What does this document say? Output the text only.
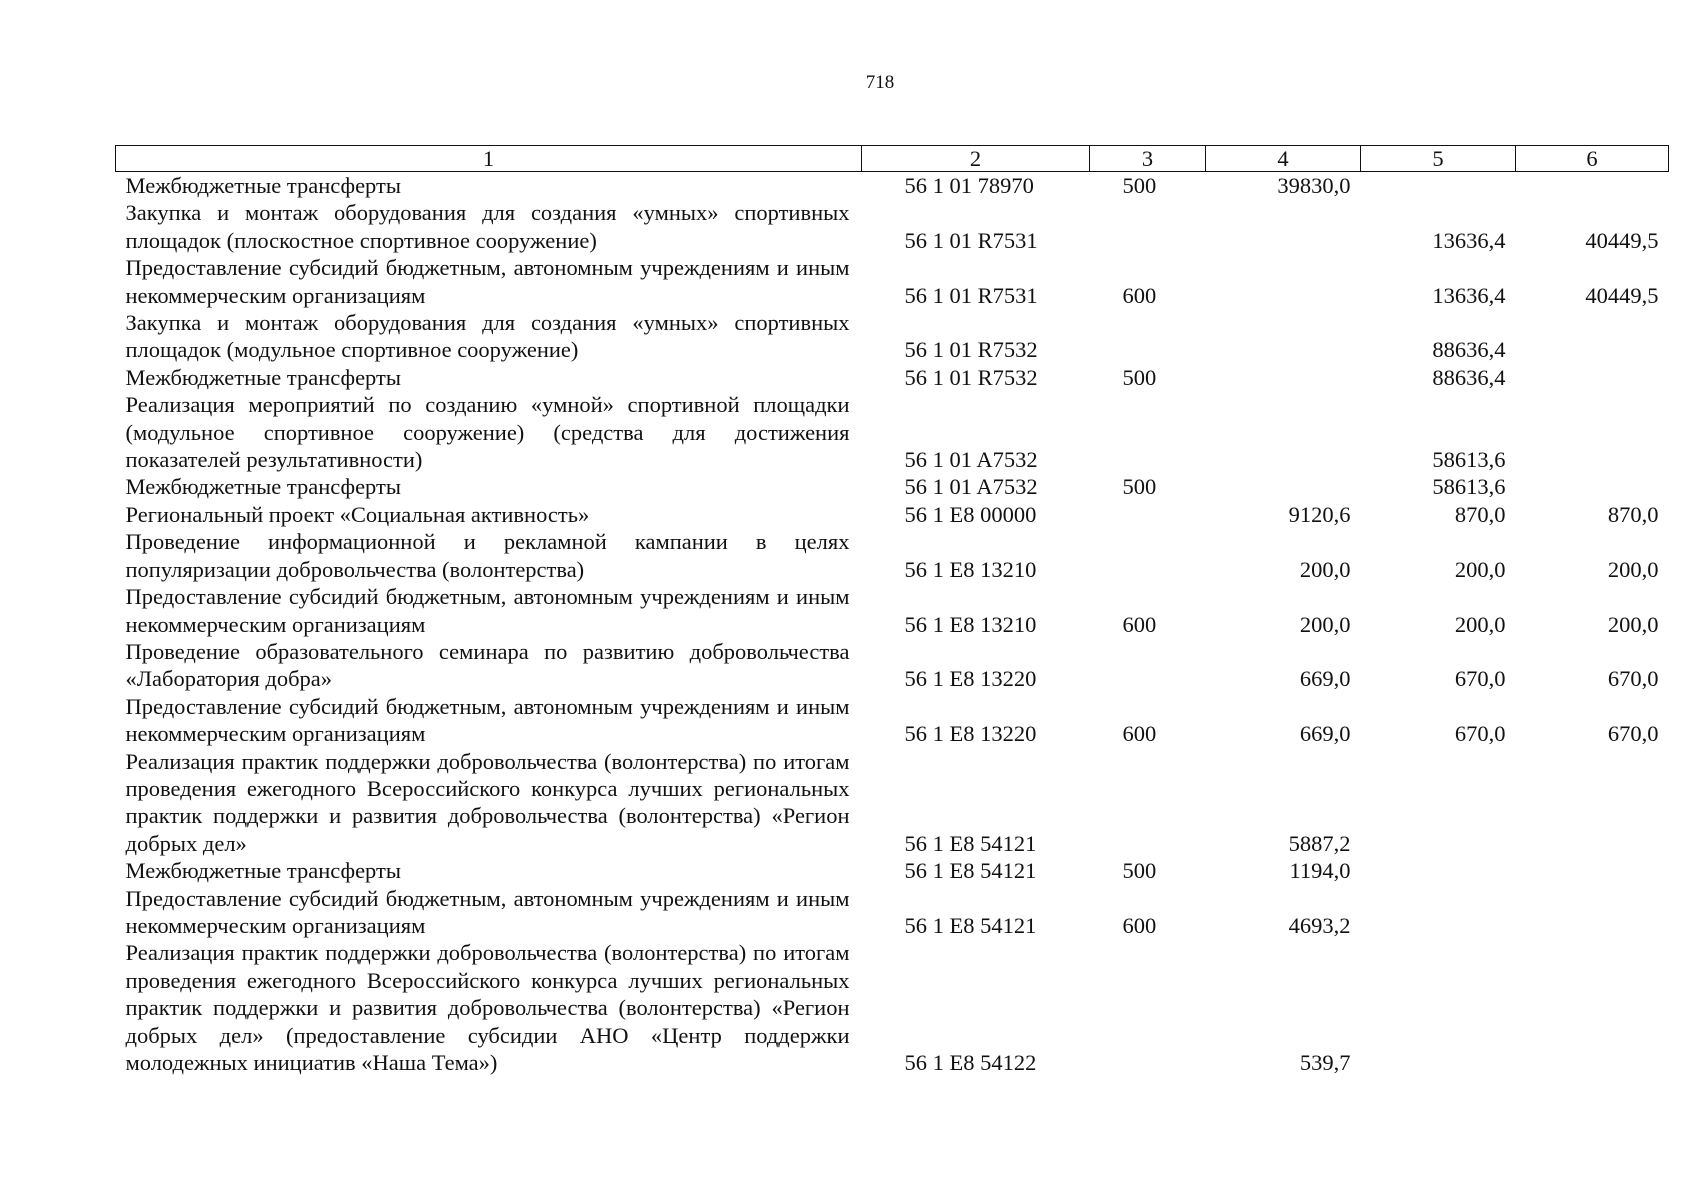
718
1	2	3	4	5	6
Межбюджетные трансферты	56 1 01 78970	500	39830,0		
Закупка и монтаж оборудования для создания «умных» спортивных площадок (плоскостное спортивное сооружение)	56 1 01 R7531			13636,4	40449,5
Предоставление субсидий бюджетным, автономным учреждениям и иным некоммерческим организациям	56 1 01 R7531	600		13636,4	40449,5
Закупка и монтаж оборудования для создания «умных» спортивных площадок (модульное спортивное сооружение)	56 1 01 R7532			88636,4	
Межбюджетные трансферты	56 1 01 R7532	500		88636,4	
Реализация мероприятий по созданию «умной» спортивной площадки (модульное спортивное сооружение) (средства для достижения показателей результативности)	56 1 01 A7532			58613,6	
Межбюджетные трансферты	56 1 01 A7532	500		58613,6	
Региональный проект «Социальная активность»	56 1 E8 00000		9120,6	870,0	870,0
Проведение информационной и рекламной кампании в целях популяризации добровольчества (волонтерства)	56 1 E8 13210		200,0	200,0	200,0
Предоставление субсидий бюджетным, автономным учреждениям и иным некоммерческим организациям	56 1 E8 13210	600	200,0	200,0	200,0
Проведение образовательного семинара по развитию добровольчества «Лаборатория добра»	56 1 E8 13220		669,0	670,0	670,0
Предоставление субсидий бюджетным, автономным учреждениям и иным некоммерческим организациям	56 1 E8 13220	600	669,0	670,0	670,0
Реализация практик поддержки добровольчества (волонтерства) по итогам проведения ежегодного Всероссийского конкурса лучших региональных практик поддержки и развития добровольчества (волонтерства) «Регион добрых дел»	56 1 E8 54121		5887,2		
Межбюджетные трансферты	56 1 E8 54121	500	1194,0		
Предоставление субсидий бюджетным, автономным учреждениям и иным некоммерческим организациям	56 1 E8 54121	600	4693,2		
Реализация практик поддержки добровольчества (волонтерства) по итогам проведения ежегодного Всероссийского конкурса лучших региональных практик поддержки и развития добровольчества (волонтерства) «Регион добрых дел» (предоставление субсидии АНО «Центр поддержки молодежных инициатив «Наша Тема»)	56 1 E8 54122		539,7		
